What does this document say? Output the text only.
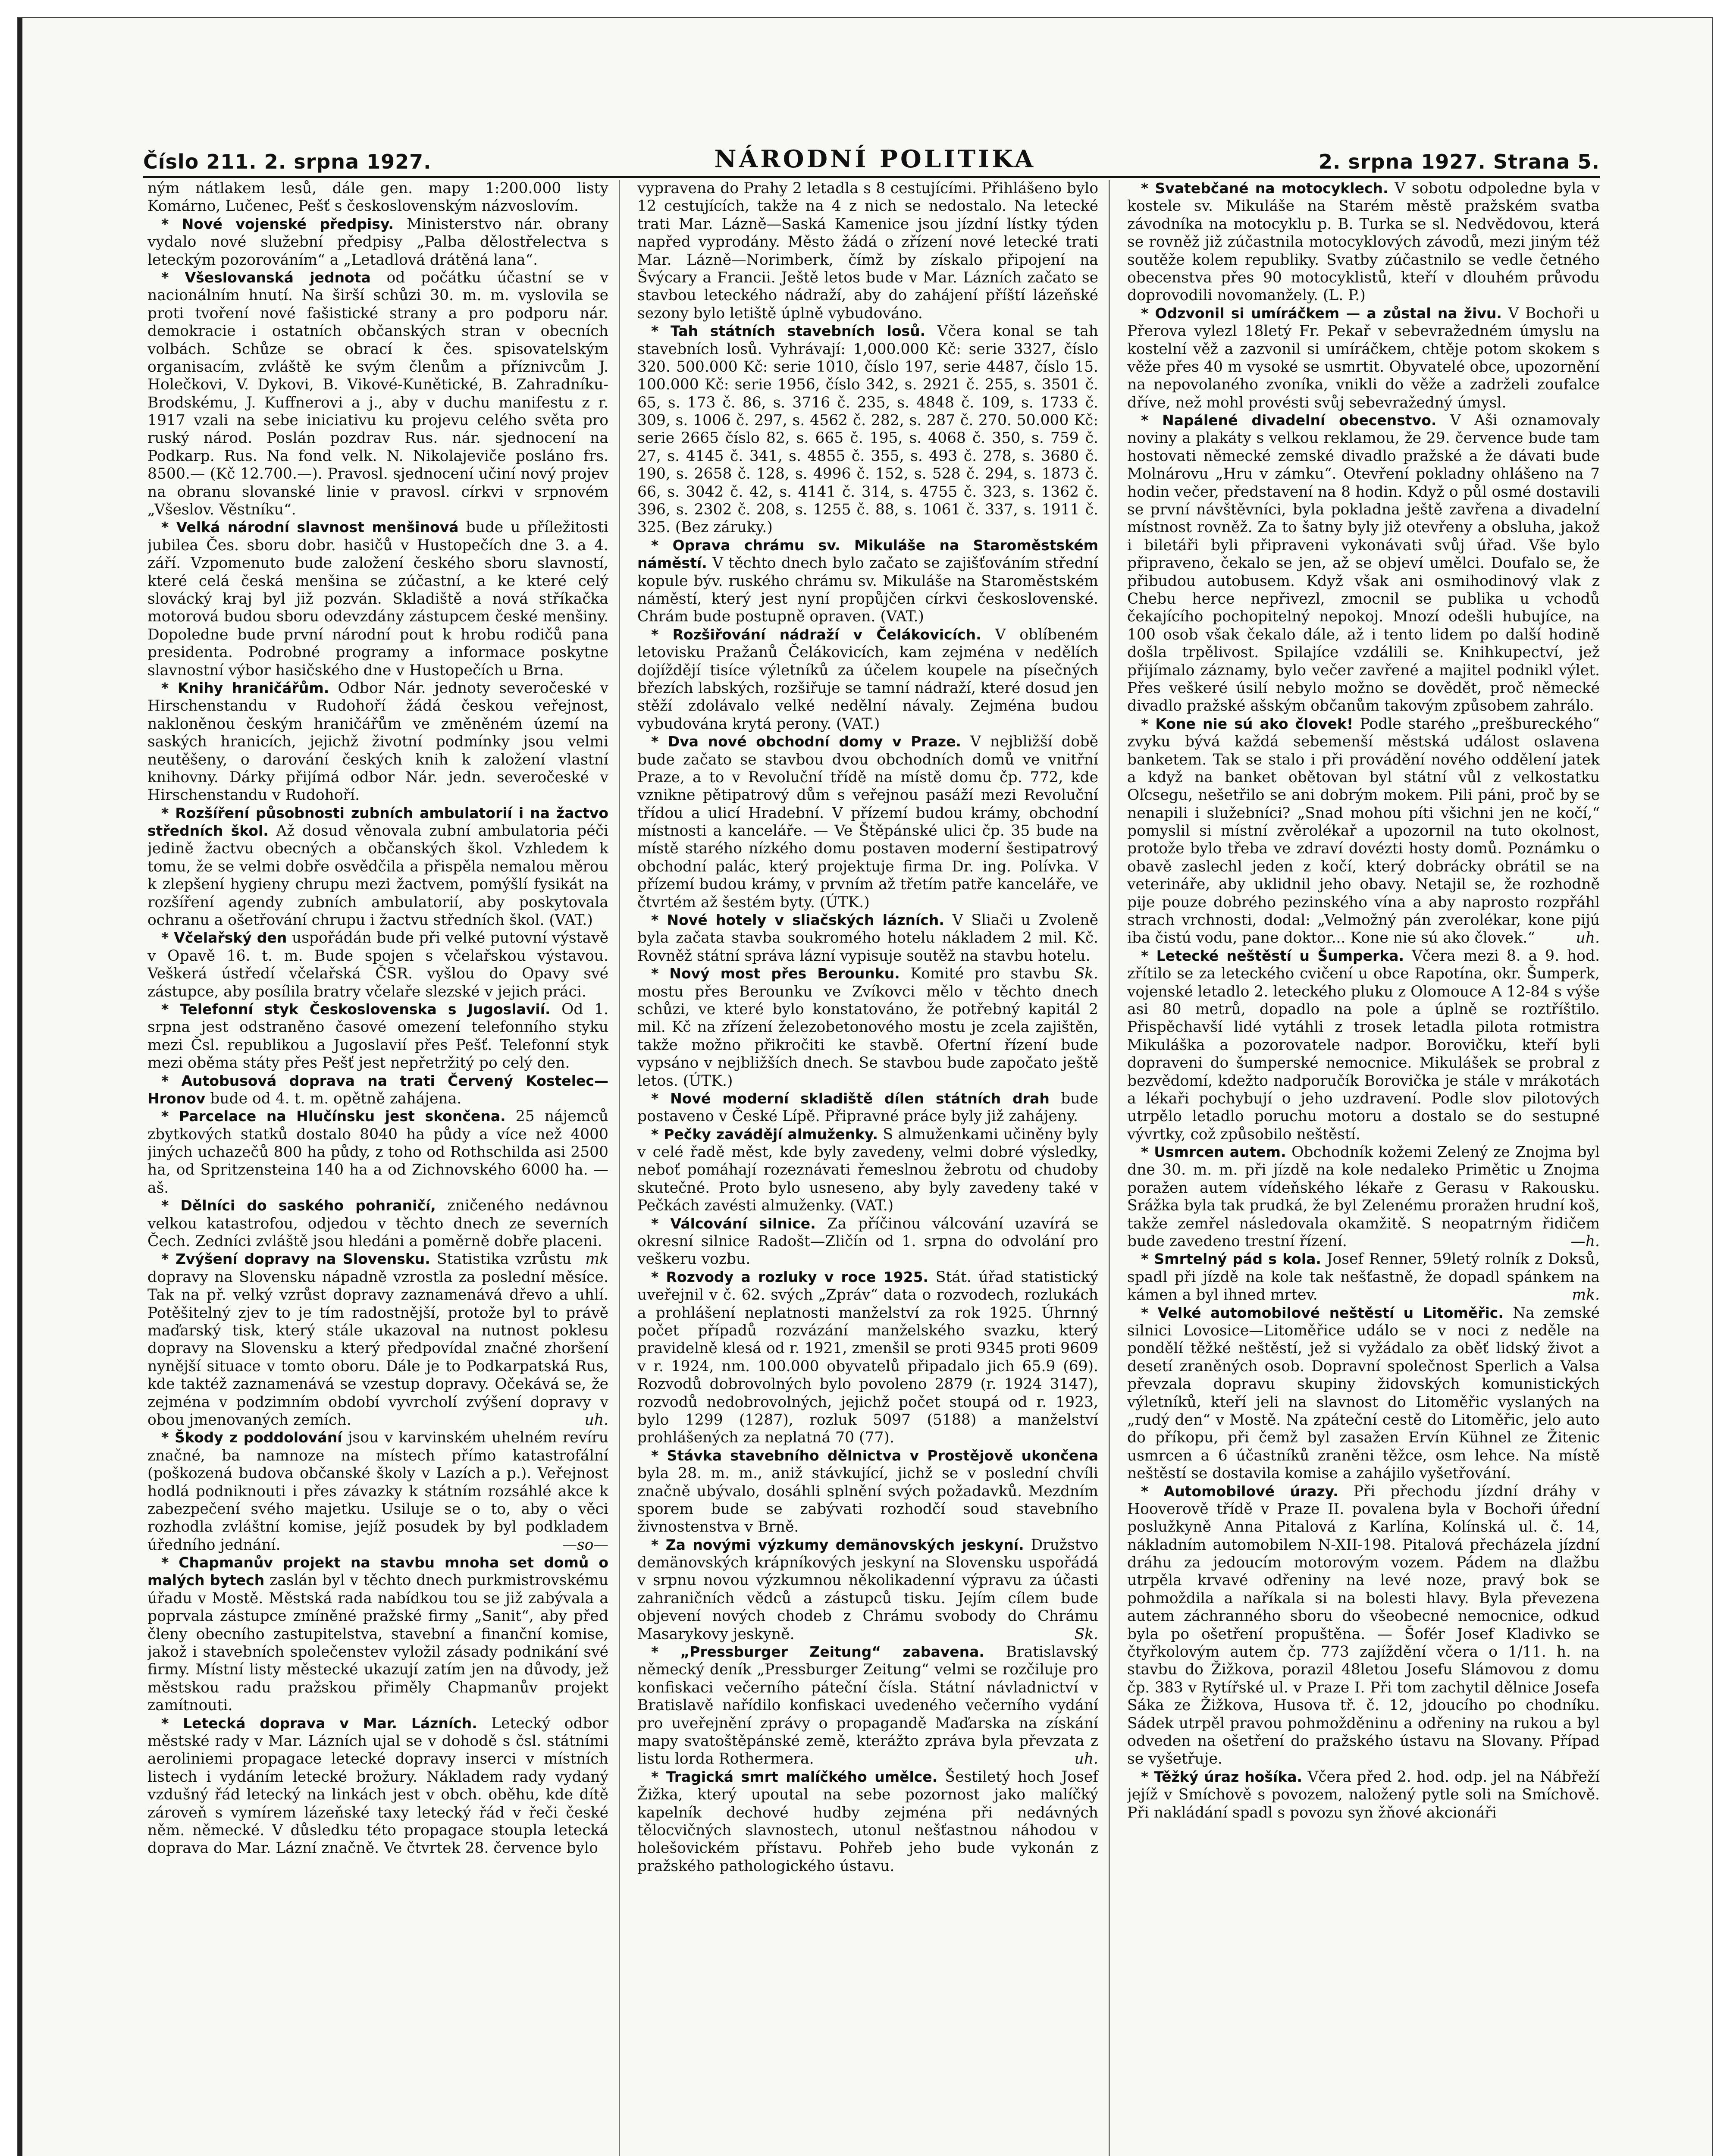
Číslo 211. 2. srpna 1927.	NÁRODNÍ POLITIKA	2. srpna 1927. Strana 5.

ným nátlakem lesů, dále gen. mapy 1:200.000 listy Komárno, Lučenec, Pešť s československým názvoslovím.

* Nové vojenské předpisy. Ministerstvo nár. obrany vydalo nové služební předpisy „Palba dělostřelectva s leteckým pozorováním“ a „Letadlová drátěná lana“.

* Všeslovanská jednota od počátku účastní se v nacionálním hnutí. Na širší schůzi 30. m. m. vyslovila se proti tvoření nové fašistické strany a pro podporu nár. demokracie i ostatních občanských stran v obecních volbách. Schůze se obrací k čes. spisovatelským organisacím, zvláště ke svým členům a příznivcům J. Holečkovi, V. Dykovi, B. Vikové-Kunětické, B. Zahradníku-Brodskému, J. Kuffnerovi a j., aby v duchu manifestu z r. 1917 vzali na sebe iniciativu ku projevu celého světa pro ruský národ. Poslán pozdrav Rus. nár. sjednocení na Podkarp. Rus. Na fond velk. N. Nikolajeviče posláno frs. 8500.— (Kč 12.700.—). Pravosl. sjednocení učiní nový projev na obranu slovanské linie v pravosl. církvi v srpnovém „Všeslov. Věstníku“.

* Velká národní slavnost menšinová bude u příležitosti jubilea Čes. sboru dobr. hasičů v Hustopečích dne 3. a 4. září. Vzpomenuto bude založení českého sboru slavností, které celá česká menšina se zúčastní, a ke které celý slovácký kraj byl již pozván. Skladiště a nová stříkačka motorová budou sboru odevzdány zástupcem české menšiny. Dopoledne bude první národní pout k hrobu rodičů pana presidenta. Podrobné programy a informace poskytne slavnostní výbor hasičského dne v Hustopečích u Brna.

* Knihy hraničářům. Odbor Nár. jednoty severočeské v Hirschenstandu v Rudohoří žádá českou veřejnost, nakloněnou českým hraničářům ve změněném území na saských hranicích, jejichž životní podmínky jsou velmi neutěšeny, o darování českých knih k založení vlastní knihovny. Dárky přijímá odbor Nár. jedn. severočeské v Hirschenstandu v Rudohoří.

* Rozšíření působnosti zubních ambulatorií i na žactvo středních škol. Až dosud věnovala zubní ambulatoria péči jedině žactvu obecných a občanských škol. Vzhledem k tomu, že se velmi dobře osvědčila a přispěla nemalou měrou k zlepšení hygieny chrupu mezi žactvem, pomýšlí fysikát na rozšíření agendy zubních ambulatorií, aby poskytovala ochranu a ošetřování chrupu i žactvu středních škol. (VAT.)

* Včelařský den uspořádán bude při velké putovní výstavě v Opavě 16. t. m. Bude spojen s včelařskou výstavou. Veškerá ústředí včelařská ČSR. vyšlou do Opavy své zástupce, aby posílila bratry včelaře slezské v jejich práci.

* Telefonní styk Československa s Jugoslavií. Od 1. srpna jest odstraněno časové omezení telefonního styku mezi Čsl. republikou a Jugoslavií přes Pešť. Telefonní styk mezi oběma státy přes Pešť jest nepřetržitý po celý den.

* Autobusová doprava na trati Červený Kostelec—Hronov bude od 4. t. m. opětně zahájena.

* Parcelace na Hlučínsku jest skončena. 25 nájemců zbytkových statků dostalo 8040 ha půdy a více než 4000 jiných uchazečů 800 ha půdy, z toho od Rothschilda asi 2500 ha, od Spritzensteina 140 ha a od Zichnovského 6000 ha. —aš.

* Dělníci do saského pohraničí, zničeného nedávnou velkou katastrofou, odjedou v těchto dnech ze severních Čech. Zedníci zvláště jsou hledáni a poměrně dobře placeni.
mk

* Zvýšení dopravy na Slovensku. Statistika vzrůstu dopravy na Slovensku nápadně vzrostla za poslední měsíce. Tak na př. velký vzrůst dopravy zaznamenává dřevo a uhlí. Potěšitelný zjev to je tím radostnější, protože byl to právě maďarský tisk, který stále ukazoval na nutnost poklesu dopravy na Slovensku a který předpovídal značné zhoršení nynější situace v tomto oboru. Dále je to Podkarpatská Rus, kde taktéž zaznamenává se vzestup dopravy. Očekává se, že zejména v podzimním období vyvrcholí zvýšení dopravy v obou jmenovaných zemích.	uh.

* Škody z poddolování jsou v karvinském uhelném revíru značné, ba namnoze na místech přímo katastrofální (poškozená budova občanské školy v Lazích a p.). Veřejnost hodlá podniknouti i přes závazky k státním rozsáhlé akce k zabezpečení svého majetku. Usiluje se o to, aby o věci rozhodla zvláštní komise, jejíž posudek by byl podkladem úředního jednání.	—so—

* Chapmanův projekt na stavbu mnoha set domů o malých bytech zaslán byl v těchto dnech purkmistrovskému úřadu v Mostě. Městská rada nabídkou tou se již zabývala a poprvala zástupce zmíněné pražské firmy „Sanit“, aby před členy obecního zastupitelstva, stavební a finanční komise, jakož i stavebních společenstev vyložil zásady podnikání své firmy. Místní listy městecké ukazují zatím jen na důvody, jež městskou radu pražskou přiměly Chapmanův projekt zamítnouti.

* Letecká doprava v Mar. Lázních. Letecký odbor městské rady v Mar. Lázních ujal se v dohodě s čsl. státními aeroliniemi propagace letecké dopravy inserci v místních listech i vydáním letecké brožury. Nákladem rady vydaný vzdušný řád letecký na linkách jest v obch. oběhu, kde dítě zároveň s vymírem lázeňské taxy letecký řád v řeči české něm. německé. V důsledku této propagace stoupla letecká doprava do Mar. Lázní značně. Ve čtvrtek 28. července bylo

vypravena do Prahy 2 letadla s 8 cestujícími. Přihlášeno bylo 12 cestujících, takže na 4 z nich se nedostalo. Na letecké trati Mar. Lázně—Saská Kamenice jsou jízdní lístky týden napřed vyprodány. Město žádá o zřízení nové letecké trati Mar. Lázně—Norimberk, čímž by získalo připojení na Švýcary a Francii. Ještě letos bude v Mar. Lázních začato se stavbou leteckého nádraží, aby do zahájení příští lázeňské sezony bylo letiště úplně vybudováno.

* Tah státních stavebních losů. Včera konal se tah stavebních losů. Vyhrávají: 1,000.000 Kč: serie 3327, číslo 320. 500.000 Kč: serie 1010, číslo 197, serie 4487, číslo 15. 100.000 Kč: serie 1956, číslo 342, s. 2921 č. 255, s. 3501 č. 65, s. 173 č. 86, s. 3716 č. 235, s. 4848 č. 109, s. 1733 č. 309, s. 1006 č. 297, s. 4562 č. 282, s. 287 č. 270. 50.000 Kč: serie 2665 číslo 82, s. 665 č. 195, s. 4068 č. 350, s. 759 č. 27, s. 4145 č. 341, s. 4855 č. 355, s. 493 č. 278, s. 3680 č. 190, s. 2658 č. 128, s. 4996 č. 152, s. 528 č. 294, s. 1873 č. 66, s. 3042 č. 42, s. 4141 č. 314, s. 4755 č. 323, s. 1362 č. 396, s. 2302 č. 208, s. 1255 č. 88, s. 1061 č. 337, s. 1911 č. 325. (Bez záruky.)

* Oprava chrámu sv. Mikuláše na Staroměstském náměstí. V těchto dnech bylo začato se zajišťováním střední kopule býv. ruského chrámu sv. Mikuláše na Staroměstském náměstí, který jest nyní propůjčen církvi československé. Chrám bude postupně opraven. (VAT.)

* Rozšiřování nádraží v Čelákovicích. V oblíbeném letovisku Pražanů Čelákovicích, kam zejména v nedělích dojíždějí tisíce výletníků za účelem koupele na písečných březích labských, rozšiřuje se tamní nádraží, které dosud jen stěží zdolávalo velké nedělní návaly. Zejména budou vybudována krytá perony. (VAT.)

* Dva nové obchodní domy v Praze. V nejbližší době bude začato se stavbou dvou obchodních domů ve vnitřní Praze, a to v Revoluční třídě na místě domu čp. 772, kde vznikne pětipatrový dům s veřejnou pasáží mezi Revoluční třídou a ulicí Hradební. V přízemí budou krámy, obchodní místnosti a kanceláře. — Ve Štěpánské ulici čp. 35 bude na místě starého nízkého domu postaven moderní šestipatrový obchodní palác, který projektuje firma Dr. ing. Polívka. V přízemí budou krámy, v prvním až třetím patře kanceláře, ve čtvrtém až šestém byty. (ÚTK.)

* Nové hotely v sliačských lázních. V Sliači u Zvoleně byla začata stavba soukromého hotelu nákladem 2 mil. Kč. Rovněž státní správa lázní vypisuje soutěž na stavbu hotelu.
Sk.

* Nový most přes Berounku. Komité pro stavbu mostu přes Berounku ve Zvíkovci mělo v těchto dnech schůzi, ve které bylo konstatováno, že potřebný kapitál 2 mil. Kč na zřízení železobetonového mostu je zcela zajištěn, takže možno přikročiti ke stavbě. Ofertní řízení bude vypsáno v nejbližších dnech. Se stavbou bude započato ještě letos. (ÚTK.)

* Nové moderní skladiště dílen státních drah bude postaveno v České Lípě. Připravné práce byly již zahájeny.

* Pečky zavádějí almuženky. S almuženkami učiněny byly v celé řadě měst, kde byly zavedeny, velmi dobré výsledky, neboť pomáhají rozeznávati řemeslnou žebrotu od chudoby skutečné. Proto bylo usneseno, aby byly zavedeny také v Pečkách zavésti almuženky. (VAT.)

* Válcování silnice. Za příčinou válcování uzavírá se okresní silnice Radošt—Zličín od 1. srpna do odvolání pro veškeru vozbu.

* Rozvody a rozluky v roce 1925. Stát. úřad statistický uveřejnil v č. 62. svých „Zpráv“ data o rozvodech, rozlukách a prohlášení neplatnosti manželství za rok 1925. Úhrnný počet případů rozvázání manželského svazku, který pravidelně klesá od r. 1921, zmenšil se proti 9345 proti 9609 v r. 1924, nm. 100.000 obyvatelů připadalo jich 65.9 (69). Rozvodů dobrovolných bylo povoleno 2879 (r. 1924 3147), rozvodů nedobrovolných, jejichž počet stoupá od r. 1923, bylo 1299 (1287), rozluk 5097 (5188) a manželství prohlášených za neplatná 70 (77).

* Stávka stavebního dělnictva v Prostějově ukončena byla 28. m. m., aniž stávkující, jichž se v poslední chvíli značně ubývalo, dosáhli splnění svých požadavků. Mezdním sporem bude se zabývati rozhodčí soud stavebního živnostenstva v Brně.

* Za novými výzkumy demänovských jeskyní. Družstvo demänovských krápníkových jeskyní na Slovensku uspořádá v srpnu novou výzkumnou několikadenní výpravu za účasti zahraničních vědců a zástupců tisku. Jejím cílem bude objevení nových chodeb z Chrámu svobody do Chrámu Masarykovy jeskyně.	Sk.

* „Pressburger Zeitung“ zabavena. Bratislavský německý deník „Pressburger Zeitung“ velmi se rozčiluje pro konfiskaci večerního páteční čísla. Státní návladnictví v Bratislavě nařídilo konfiskaci uvedeného večerního vydání pro uveřejnění zprávy o propagandě Maďarska na získání mapy svatoštěpánské země, kterážto zpráva byla převzata z listu lorda Rothermera.	uh.

* Tragická smrt malíčkého umělce. Šestiletý hoch Josef Žižka, který upoutal na sebe pozornost jako malíčký kapelník dechové hudby zejména při nedávných tělocvičných slavnostech, utonul nešťastnou náhodou v holešovickém přístavu. Pohřeb jeho bude vykonán z pražského pathologického ústavu.

* Svatebčané na motocyklech. V sobotu odpoledne byla v kostele sv. Mikuláše na Starém městě pražském svatba závodníka na motocyklu p. B. Turka se sl. Nedvědovou, která se rovněž již zúčastnila motocyklových závodů, mezi jiným též soutěže kolem republiky. Svatby zúčastnilo se vedle četného obecenstva přes 90 motocyklistů, kteří v dlouhém průvodu doprovodili novomanžely. (L. P.)

* Odzvonil si umíráčkem — a zůstal na živu. V Bochoři u Přerova vylezl 18letý Fr. Pekař v sebevražedném úmyslu na kostelní věž a zazvonil si umíráčkem, chtěje potom skokem s věže přes 40 m vysoké se usmrtit. Obyvatelé obce, upozornění na nepovolaného zvoníka, vnikli do věže a zadrželi zoufalce dříve, než mohl provésti svůj sebevražedný úmysl.

* Napálené divadelní obecenstvo. V Aši oznamovaly noviny a plakáty s velkou reklamou, že 29. července bude tam hostovati německé zemské divadlo pražské a že dávati bude Molnárovu „Hru v zámku“. Otevření pokladny ohlášeno na 7 hodin večer, představení na 8 hodin. Když o půl osmé dostavili se první návštěvníci, byla pokladna ještě zavřena a divadelní místnost rovněž. Za to šatny byly již otevřeny a obsluha, jakož i biletáři byli připraveni vykonávati svůj úřad. Vše bylo připraveno, čekalo se jen, až se objeví umělci. Doufalo se, že přibudou autobusem. Když však ani osmihodinový vlak z Chebu herce nepřivezl, zmocnil se publika u vchodů čekajícího pochopitelný nepokoj. Mnozí odešli hubujíce, na 100 osob však čekalo dále, až i tento lidem po další hodině došla trpělivost. Spilajíce vzdálili se. Knihkupectví, jež přijímalo záznamy, bylo večer zavřené a majitel podnikl výlet. Přes veškeré úsilí nebylo možno se dovědět, proč německé divadlo pražské ašským občanům takovým způsobem zahrálo.

* Kone nie sú ako človek! Podle starého „prešbureckého“ zvyku bývá každá sebemenší městská událost oslavena banketem. Tak se stalo i při provádění nového oddělení jatek a když na banket obětovan byl státní vůl z velkostatku Oľcsegu, nešetřilo se ani dobrým mokem. Pili páni, proč by se nenapili i služebníci? „Snad mohou píti všichni jen ne kočí,“ pomyslil si místní zvěrolékař a upozornil na tuto okolnost, protože bylo třeba ve zdraví dovézti hosty domů. Poznámku o obavě zaslechl jeden z kočí, který dobrácky obrátil se na veterináře, aby uklidnil jeho obavy. Netajil se, že rozhodně pije pouze dobrého pezinského vína a aby naprosto rozpřáhl strach vrchnosti, dodal: „Velmožný pán zverolékar, kone pijú iba čistú vodu, pane doktor... Kone nie sú ako človek.“	uh.

* Letecké neštěstí u Šumperka. Včera mezi 8. a 9. hod. zřítilo se za leteckého cvičení u obce Rapotína, okr. Šumperk, vojenské letadlo 2. leteckého pluku z Olomouce A 12-84 s výše asi 80 metrů, dopadlo na pole a úplně se roztříštilo. Přispěchavší lidé vytáhli z trosek letadla pilota rotmistra Mikuláška a pozorovatele nadpor. Borovičku, kteří byli dopraveni do šumperské nemocnice. Mikulášek se probral z bezvědomí, kdežto nadporučík Borovička je stále v mrákotách a lékaři pochybují o jeho uzdravení. Podle slov pilotových utrpělo letadlo poruchu motoru a dostalo se do sestupné vývrtky, což způsobilo neštěstí.

* Usmrcen autem. Obchodník kožemi Zelený ze Znojma byl dne 30. m. m. při jízdě na kole nedaleko Primětic u Znojma poražen autem vídeňského lékaře z Gerasu v Rakousku. Srážka byla tak prudká, že byl Zelenému proražen hrudní koš, takže zemřel následovala okamžitě. S neopatrným řidičem bude zavedeno trestní řízení.	—h.

* Smrtelný pád s kola. Josef Renner, 59letý rolník z Doksů, spadl při jízdě na kole tak nešťastně, že dopadl spánkem na kámen a byl ihned mrtev.	mk.

* Velké automobilové neštěstí u Litoměřic. Na zemské silnici Lovosice—Litoměřice událo se v noci z neděle na pondělí těžké neštěstí, jež si vyžádalo za oběť lidský život a desetí zraněných osob. Dopravní společnost Sperlich a Valsa převzala dopravu skupiny židovských komunistických výletníků, kteří jeli na slavnost do Litoměřic vyslaných na „rudý den“ v Mostě. Na zpáteční cestě do Litoměřic, jelo auto do příkopu, při čemž byl zasažen Ervín Kühnel ze Žitenic usmrcen a 6 účastníků zraněni těžce, osm lehce. Na místě neštěstí se dostavila komise a zahájilo vyšetřování.

* Automobilové úrazy. Při přechodu jízdní dráhy v Hooverově třídě v Praze II. povalena byla v Bochoři úřední poslužkyně Anna Pitalová z Karlína, Kolínská ul. č. 14, nákladním automobilem N-XII-198. Pitalová přecházela jízdní dráhu za jedoucím motorovým vozem. Pádem na dlažbu utrpěla krvavé odřeniny na levé noze, pravý bok se pohmoždila a naříkala si na bolesti hlavy. Byla převezena autem záchranného sboru do všeobecné nemocnice, odkud byla po ošetření propuštěna. — Šofér Josef Kladivko se čtyřkolovým autem čp. 773 zajíždění včera o 1/11. h. na stavbu do Žižkova, porazil 48letou Josefu Slámovou z domu čp. 383 v Rytířské ul. v Praze I. Při tom zachytil dělnice Josefa Sáka ze Žižkova, Husova tř. č. 12, jdoucího po chodníku. Sádek utrpěl pravou pohmožděninu a odřeniny na rukou a byl odveden na ošetření do pražského ústavu na Slovany. Případ se vyšetřuje.

* Těžký úraz hošíka. Včera před 2. hod. odp. jel na Nábřeží jejíž v Smíchově s povozem, naložený pytle soli na Smíchově. Při nakládání spadl s povozu syn žňové akcionáři
